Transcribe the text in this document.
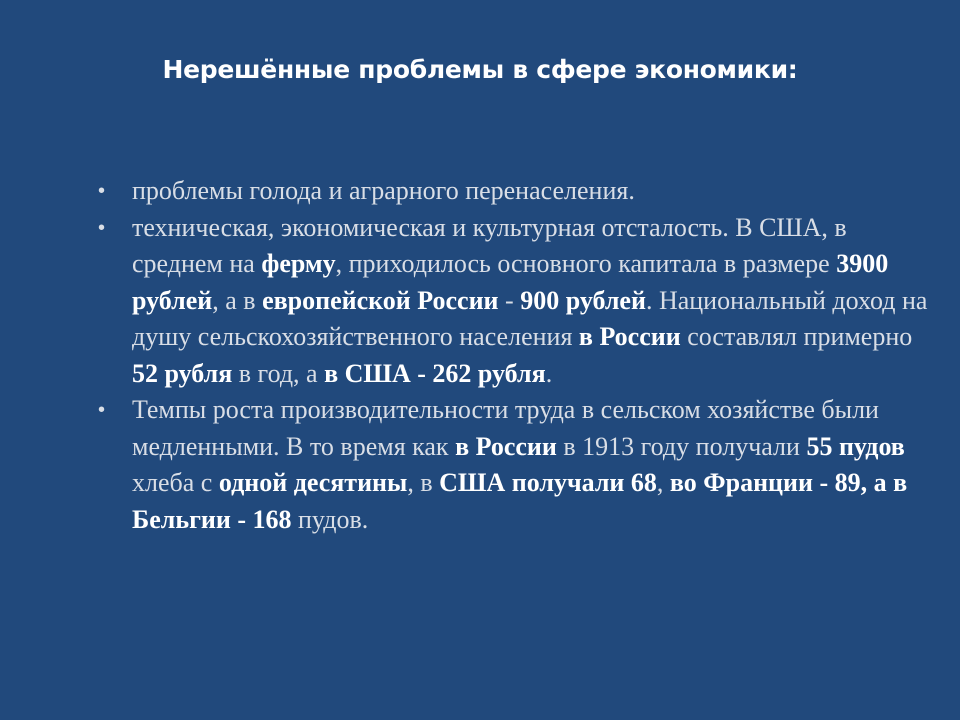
Нерешённые проблемы в сфере экономики:
• проблемы голода и аграрного перенаселения.
• техническая, экономическая и культурная отсталость. В США, в среднем на ферму, приходилось основного капитала в размере 3900 рублей, а в европейской России - 900 рублей. Национальный доход на душу сельскохозяйственного населения в России составлял примерно 52 рубля в год, а в США - 262 рубля.
• Темпы роста производительности труда в сельском хозяйстве были медленными. В то время как в России в 1913 году получали 55 пудов хлеба с одной десятины, в США получали 68, во Франции - 89, а в Бельгии - 168 пудов.
